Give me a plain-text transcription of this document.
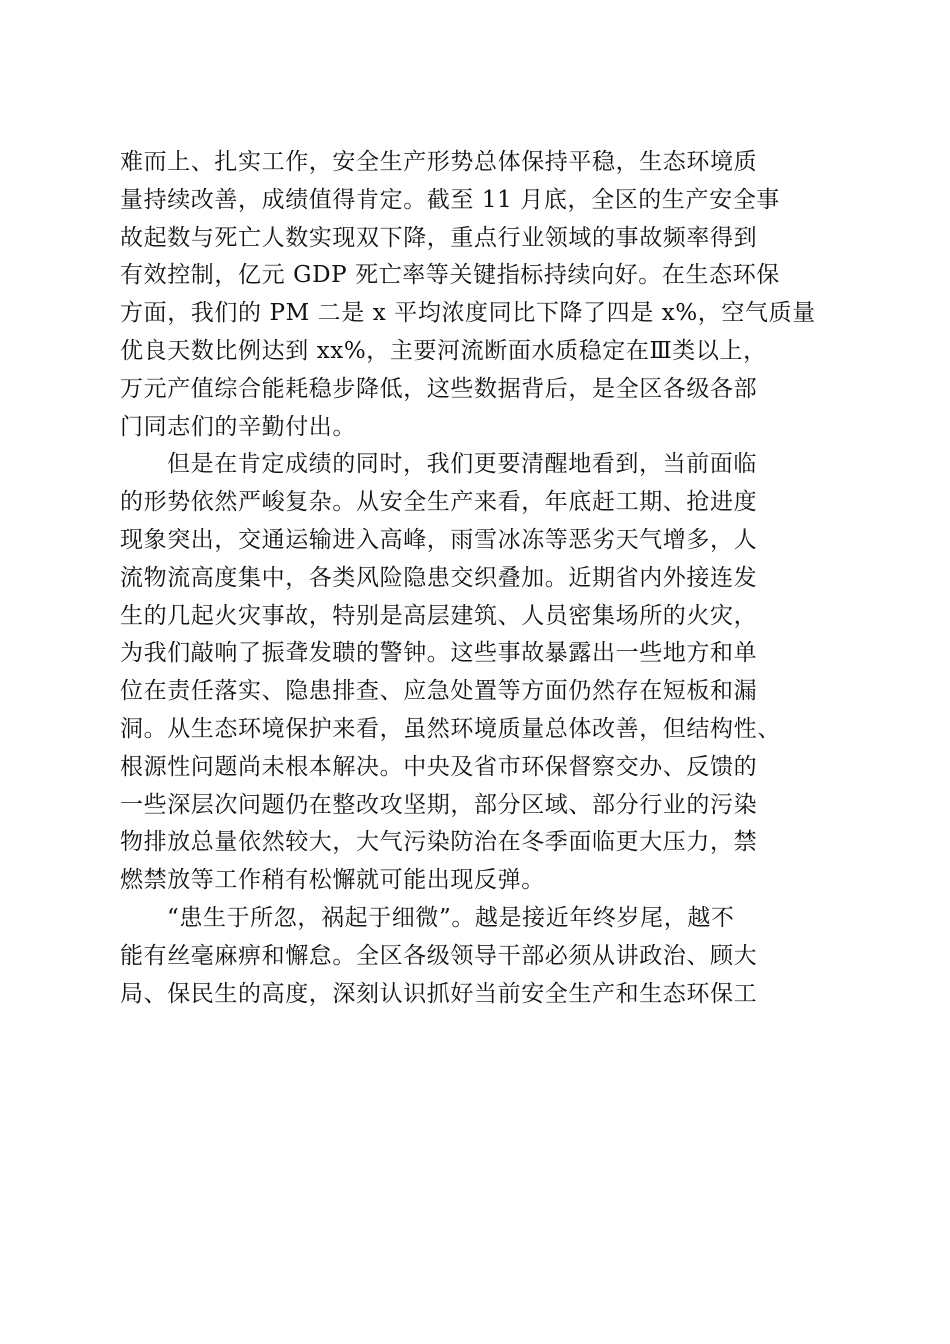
难而上、扎实工作，安全生产形势总体保持平稳，生态环境质
量持续改善，成绩值得肯定。截至 11 月底，全区的生产安全事
故起数与死亡人数实现双下降，重点行业领域的事故频率得到
有效控制，亿元 GDP 死亡率等关键指标持续向好。在生态环保
方面，我们的 PM 二是 x 平均浓度同比下降了四是 x%，空气质量
优良天数比例达到 xx%，主要河流断面水质稳定在Ⅲ类以上，
万元产值综合能耗稳步降低，这些数据背后，是全区各级各部
门同志们的辛勤付出。
但是在肯定成绩的同时，我们更要清醒地看到，当前面临
的形势依然严峻复杂。从安全生产来看，年底赶工期、抢进度
现象突出，交通运输进入高峰，雨雪冰冻等恶劣天气增多，人
流物流高度集中，各类风险隐患交织叠加。近期省内外接连发
生的几起火灾事故，特别是高层建筑、人员密集场所的火灾，
为我们敲响了振聋发聩的警钟。这些事故暴露出一些地方和单
位在责任落实、隐患排查、应急处置等方面仍然存在短板和漏
洞。从生态环境保护来看，虽然环境质量总体改善，但结构性、
根源性问题尚未根本解决。中央及省市环保督察交办、反馈的
一些深层次问题仍在整改攻坚期，部分区域、部分行业的污染
物排放总量依然较大，大气污染防治在冬季面临更大压力，禁
燃禁放等工作稍有松懈就可能出现反弹。
“患生于所忽，祸起于细微”。越是接近年终岁尾，越不
能有丝毫麻痹和懈怠。全区各级领导干部必须从讲政治、顾大
局、保民生的高度，深刻认识抓好当前安全生产和生态环保工
